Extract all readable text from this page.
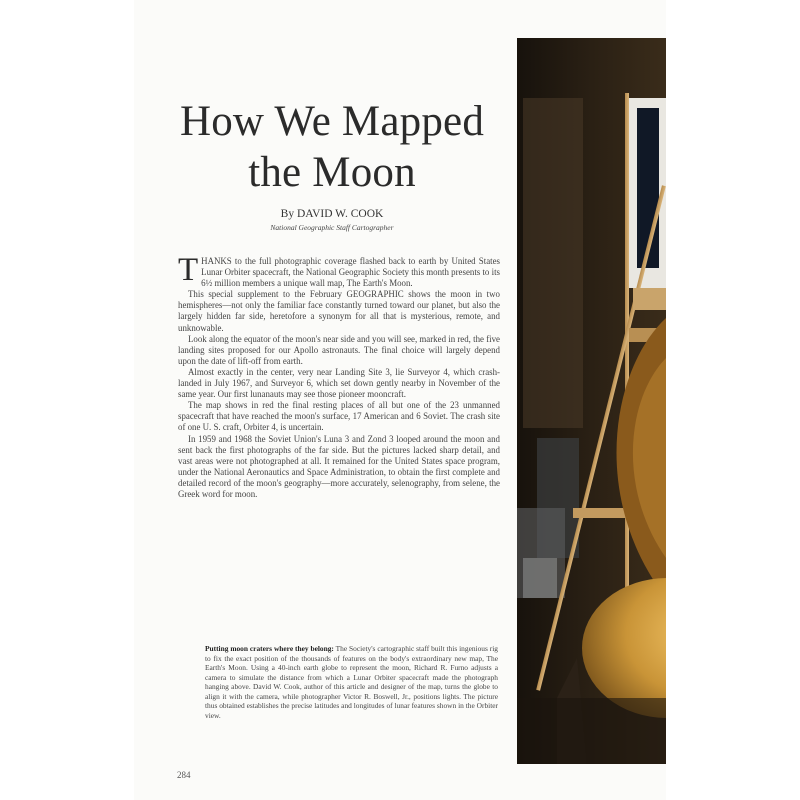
How We Mapped
the Moon
By DAVID W. COOK
National Geographic Staff Cartographer

THANKS to the full photographic coverage flashed back to earth by United States Lunar Orbiter spacecraft, the National Geographic Society this month presents to its 6½ million members a unique wall map, The Earth's Moon.

This special supplement to the February GEOGRAPHIC shows the moon in two hemispheres—not only the familiar face constantly turned toward our planet, but also the largely hidden far side, heretofore a synonym for all that is mysterious, remote, and unknowable.

Look along the equator of the moon's near side and you will see, marked in red, the five landing sites proposed for our Apollo astronauts. The final choice will largely depend upon the date of lift-off from earth.

Almost exactly in the center, very near Landing Site 3, lie Surveyor 4, which crash-landed in July 1967, and Surveyor 6, which set down gently nearby in November of the same year. Our first lunanauts may see those pioneer mooncraft.

The map shows in red the final resting places of all but one of the 23 unmanned spacecraft that have reached the moon's surface, 17 American and 6 Soviet. The crash site of one U. S. craft, Orbiter 4, is uncertain.

In 1959 and 1968 the Soviet Union's Luna 3 and Zond 3 looped around the moon and sent back the first photographs of the far side. But the pictures lacked sharp detail, and vast areas were not photographed at all. It remained for the United States space program, under the National Aeronautics and Space Administration, to obtain the first complete and detailed record of the moon's geography—more accurately, selenography, from selene, the Greek word for moon.

Putting moon craters where they belong: The Society's cartographic staff built this ingenious rig to fix the exact position of the thousands of features on the body's extraordinary new map, The Earth's Moon. Using a 40-inch earth globe to represent the moon, Richard R. Furno adjusts a camera to simulate the distance from which a Lunar Orbiter spacecraft made the photograph hanging above. David W. Cook, author of this article and designer of the map, turns the globe to align it with the camera, while photographer Victor R. Boswell, Jr., positions lights. The picture thus obtained establishes the precise latitudes and longitudes of lunar features shown in the Orbiter view.
284
